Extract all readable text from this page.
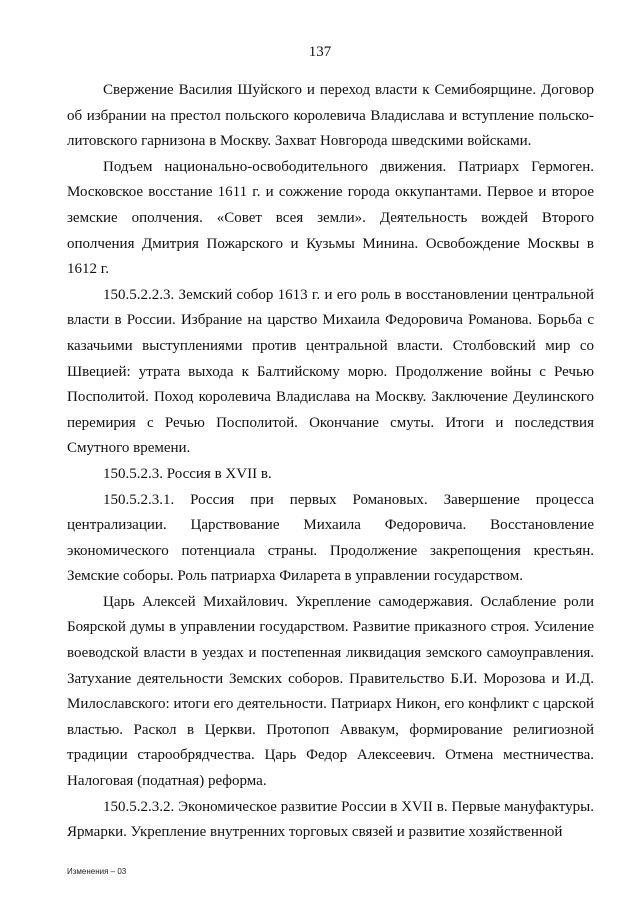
137

Свержение Василия Шуйского и переход власти к Семибоярщине. Договор об избрании на престол польского королевича Владислава и вступление польско-литовского гарнизона в Москву. Захват Новгорода шведскими войсками.

Подъем национально-освободительного движения. Патриарх Гермоген. Московское восстание 1611 г. и сожжение города оккупантами. Первое и второе земские ополчения. «Совет всея земли». Деятельность вождей Второго ополчения Дмитрия Пожарского и Кузьмы Минина. Освобождение Москвы в 1612 г.

150.5.2.2.3. Земский собор 1613 г. и его роль в восстановлении центральной власти в России. Избрание на царство Михаила Федоровича Романова. Борьба с казачьими выступлениями против центральной власти. Столбовский мир со Швецией: утрата выхода к Балтийскому морю. Продолжение войны с Речью Посполитой. Поход королевича Владислава на Москву. Заключение Деулинского перемирия с Речью Посполитой. Окончание смуты. Итоги и последствия Смутного времени.

150.5.2.3. Россия в XVII в.

150.5.2.3.1. Россия при первых Романовых. Завершение процесса централизации. Царствование Михаила Федоровича. Восстановление экономического потенциала страны. Продолжение закрепощения крестьян. Земские соборы. Роль патриарха Филарета в управлении государством.

Царь Алексей Михайлович. Укрепление самодержавия. Ослабление роли Боярской думы в управлении государством. Развитие приказного строя. Усиление воеводской власти в уездах и постепенная ликвидация земского самоуправления. Затухание деятельности Земских соборов. Правительство Б.И. Морозова и И.Д. Милославского: итоги его деятельности. Патриарх Никон, его конфликт с царской властью. Раскол в Церкви. Протопоп Аввакум, формирование религиозной традиции старообрядчества. Царь Федор Алексеевич. Отмена местничества. Налоговая (податная) реформа.

150.5.2.3.2. Экономическое развитие России в XVII в. Первые мануфактуры. Ярмарки. Укрепление внутренних торговых связей и развитие хозяйственной

Изменения – 03
